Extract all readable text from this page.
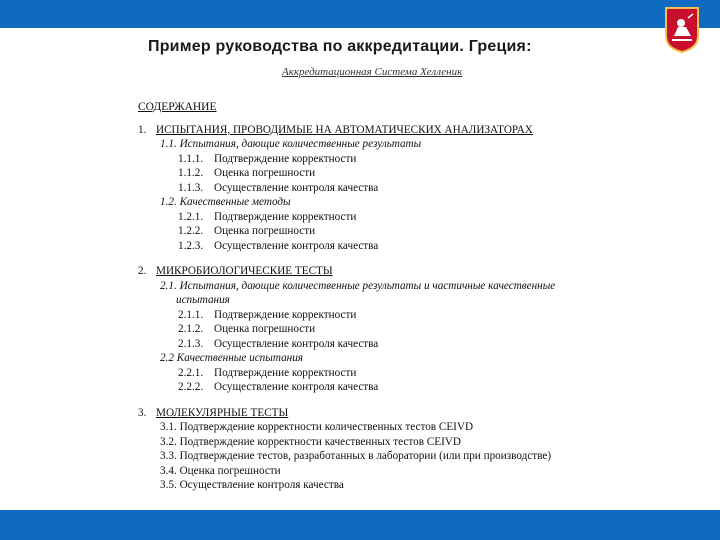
Пример руководства по аккредитации. Греция:
Аккредитационная Система Хелленик
СОДЕРЖАНИЕ
1. ИСПЫТАНИЯ, ПРОВОДИМЫЕ НА АВТОМАТИЧЕСКИХ АНАЛИЗАТОРАХ
1.1. Испытания, дающие количественные результаты
1.1.1. Подтверждение корректности
1.1.2. Оценка погрешности
1.1.3. Осуществление контроля качества
1.2. Качественные методы
1.2.1. Подтверждение корректности
1.2.2. Оценка погрешности
1.2.3. Осуществление контроля качества
2. МИКРОБИОЛОГИЧЕСКИЕ ТЕСТЫ
2.1. Испытания, дающие количественные результаты и частичные качественные
испытания
2.1.1. Подтверждение корректности
2.1.2. Оценка погрешности
2.1.3. Осуществление контроля качества
2.2 Качественные испытания
2.2.1. Подтверждение корректности
2.2.2. Осуществление контроля качества
3. МОЛЕКУЛЯРНЫЕ ТЕСТЫ
3.1. Подтверждение корректности количественных тестов CEIVD
3.2. Подтверждение корректности качественных тестов CEIVD
3.3. Подтверждение тестов, разработанных в лаборатории (или при производстве)
3.4. Оценка погрешности
3.5. Осуществление контроля качества
